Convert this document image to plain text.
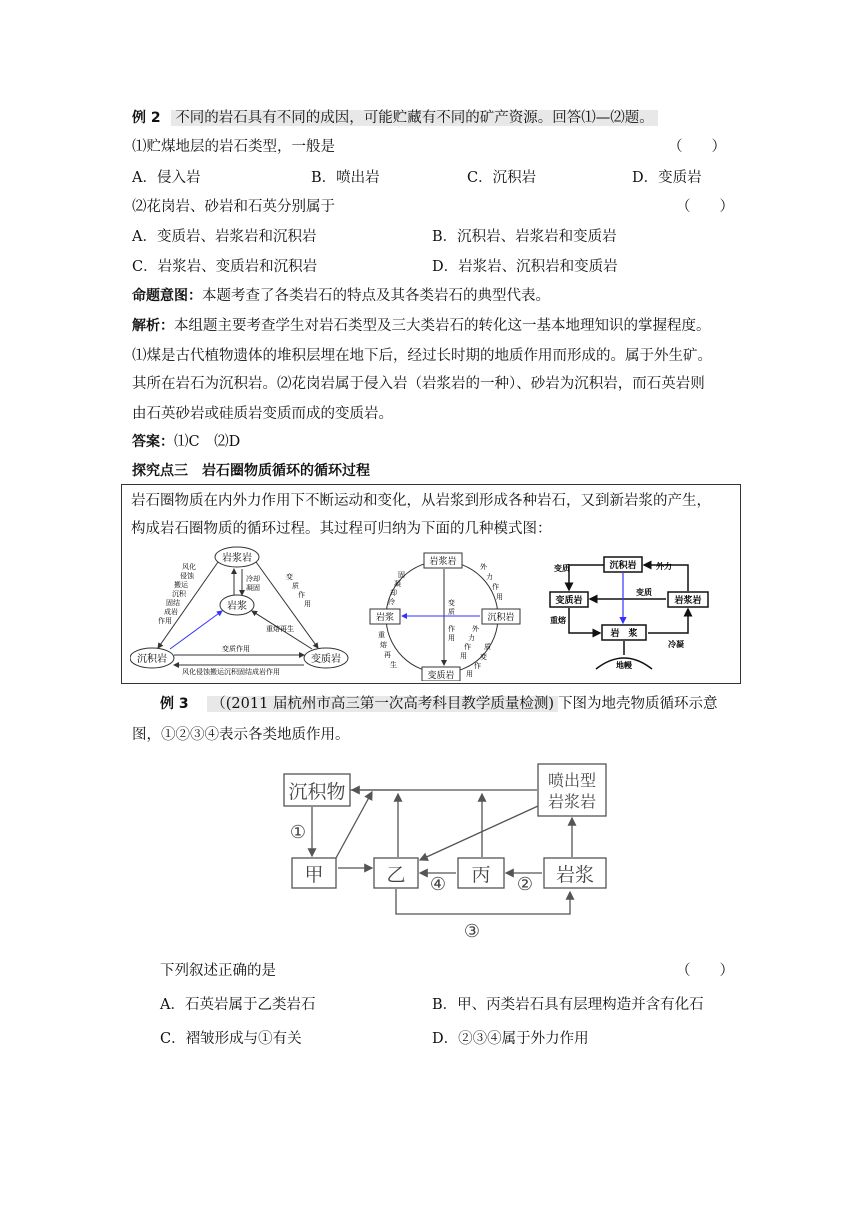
例 2 不同的岩石具有不同的成因，可能贮藏有不同的矿产资源。回答⑴—⑵题。
⑴贮煤地层的岩石类型，一般是	（　　）
A．侵入岩	B．喷出岩	C．沉积岩	D．变质岩
⑵花岗岩、砂岩和石英分别属于	（　　）
A．变质岩、岩浆岩和沉积岩	B．沉积岩、岩浆岩和变质岩
C．岩浆岩、变质岩和沉积岩	D．岩浆岩、沉积岩和变质岩
命题意图：本题考查了各类岩石的特点及其各类岩石的典型代表。
解析：本组题主要考查学生对岩石类型及三大类岩石的转化这一基本地理知识的掌握程度。
⑴煤是古代植物遗体的堆积层埋在地下后，经过长时期的地质作用而形成的。属于外生矿。
其所在岩石为沉积岩。⑵花岗岩属于侵入岩（岩浆岩的一种）、砂岩为沉积岩，而石英岩则
由石英砂岩或硅质岩变质而成的变质岩。
答案：⑴C　⑵D
探究点三　岩石圈物质循环的循环过程
岩石圈物质在内外力作用下不断运动和变化，从岩浆到形成各种岩石，又到新岩浆的产生，
构成岩石圈物质的循环过程。其过程可归纳为下面的几种模式图：
岩浆岩
岩浆
沉积岩	变质岩
冷却
凝固
风化
侵蚀
搬运
沉积
固结
成岩
作用
变
质
作
用
重熔再生
变质作用
风化侵蚀搬运沉积固结成岩作用
岩浆岩
岩浆	沉积岩
变质岩
固
凝
却
冷
外
力
作
用
重
熔
再
生
外
力
作
用
变
质
作
用
质
变
作
用
沉积岩
变质岩	岩浆岩
岩　浆
地幔
变质	外力
变质
重熔
冷凝
例 3 （(2011 届杭州市高三第一次高考科目教学质量检测) 下图为地壳物质循环示意
图，①②③④表示各类地质作用。
沉积物
喷出型
岩浆岩
甲	乙	丙	岩浆
①
④	②
③
下列叙述正确的是	（　　）
A．石英岩属于乙类岩石	B．甲、丙类岩石具有层理构造并含有化石
C．褶皱形成与①有关	D．②③④属于外力作用
